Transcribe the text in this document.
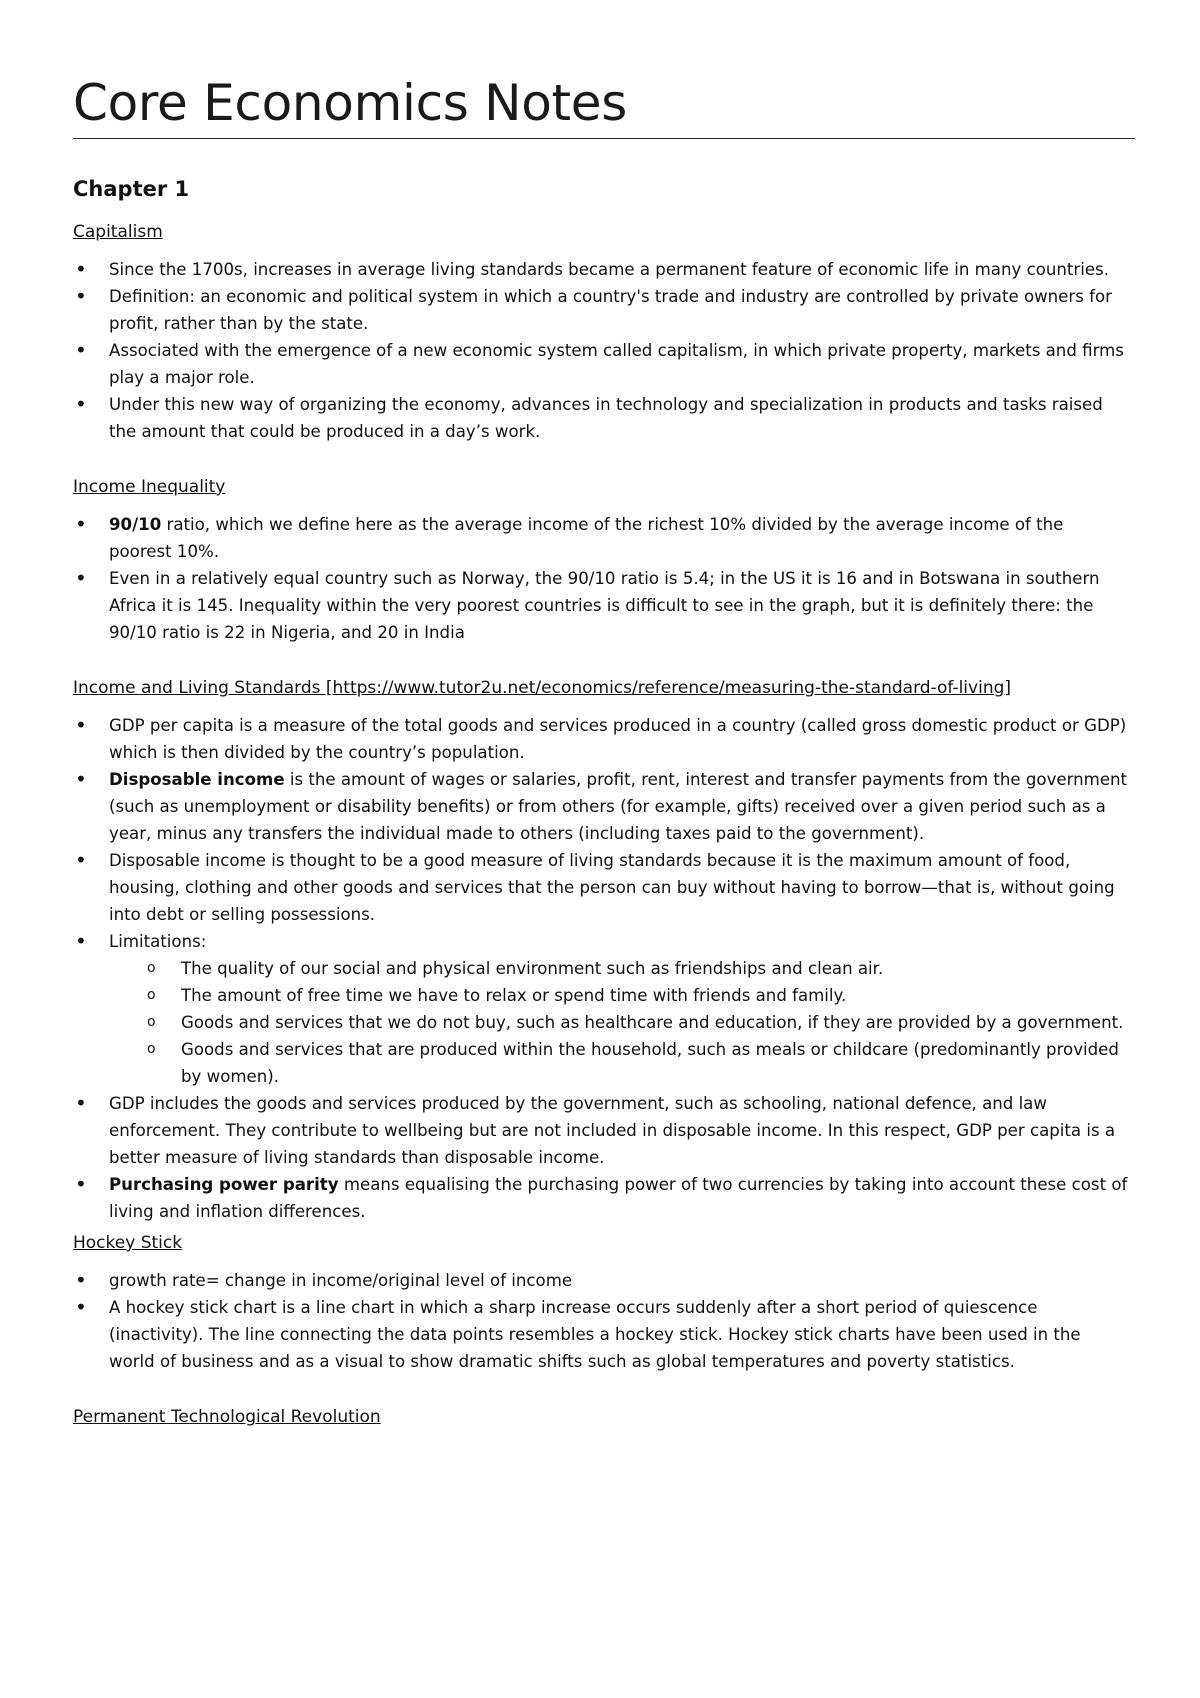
Core Economics Notes
Chapter 1
Capitalism
• Since the 1700s, increases in average living standards became a permanent feature of economic life in many countries.
• Definition: an economic and political system in which a country's trade and industry are controlled by private owners for profit, rather than by the state.
• Associated with the emergence of a new economic system called capitalism, in which private property, markets and firms play a major role.
• Under this new way of organizing the economy, advances in technology and specialization in products and tasks raised the amount that could be produced in a day’s work.
Income Inequality
• 90/10 ratio, which we define here as the average income of the richest 10% divided by the average income of the poorest 10%.
• Even in a relatively equal country such as Norway, the 90/10 ratio is 5.4; in the US it is 16 and in Botswana in southern Africa it is 145. Inequality within the very poorest countries is difficult to see in the graph, but it is definitely there: the 90/10 ratio is 22 in Nigeria, and 20 in India
Income and Living Standards [https://www.tutor2u.net/economics/reference/measuring-the-standard-of-living]
• GDP per capita is a measure of the total goods and services produced in a country (called gross domestic product or GDP) which is then divided by the country’s population.
• Disposable income is the amount of wages or salaries, profit, rent, interest and transfer payments from the government (such as unemployment or disability benefits) or from others (for example, gifts) received over a given period such as a year, minus any transfers the individual made to others (including taxes paid to the government).
• Disposable income is thought to be a good measure of living standards because it is the maximum amount of food, housing, clothing and other goods and services that the person can buy without having to borrow—that is, without going into debt or selling possessions.
• Limitations:
o The quality of our social and physical environment such as friendships and clean air.
o The amount of free time we have to relax or spend time with friends and family.
o Goods and services that we do not buy, such as healthcare and education, if they are provided by a government.
o Goods and services that are produced within the household, such as meals or childcare (predominantly provided by women).
• GDP includes the goods and services produced by the government, such as schooling, national defence, and law enforcement. They contribute to wellbeing but are not included in disposable income. In this respect, GDP per capita is a better measure of living standards than disposable income.
• Purchasing power parity means equalising the purchasing power of two currencies by taking into account these cost of living and inflation differences.
Hockey Stick
• growth rate= change in income/original level of income
• A hockey stick chart is a line chart in which a sharp increase occurs suddenly after a short period of quiescence (inactivity). The line connecting the data points resembles a hockey stick. Hockey stick charts have been used in the world of business and as a visual to show dramatic shifts such as global temperatures and poverty statistics.
Permanent Technological Revolution
